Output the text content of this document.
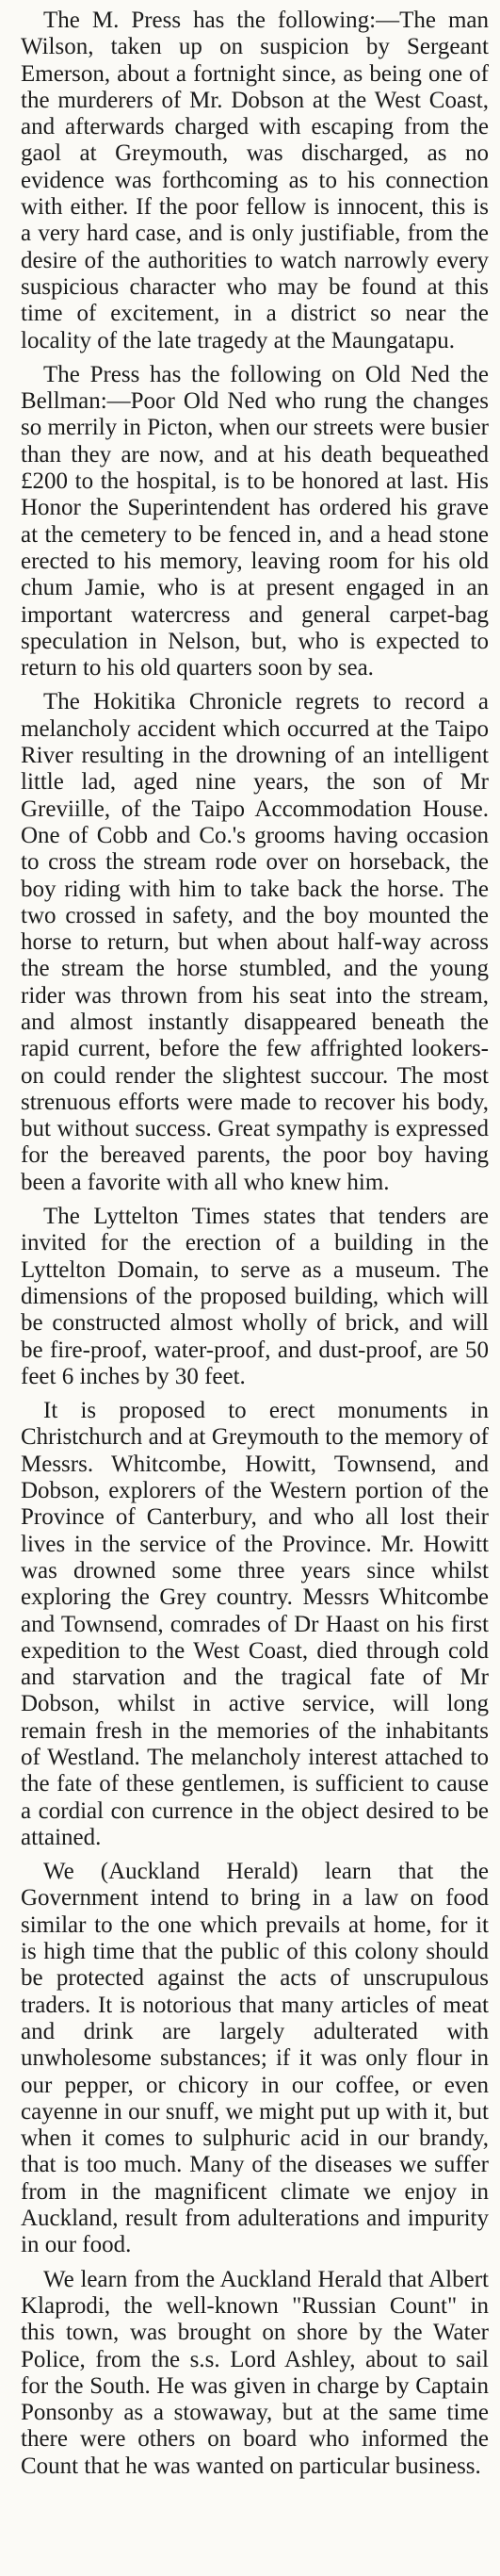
The M. Press has the following:—The man Wilson, taken up on suspicion by Sergeant Emerson, about a fortnight since, as being one of the murderers of Mr. Dobson at the West Coast, and afterwards charged with escaping from the gaol at Greymouth, was discharged, as no evidence was forthcoming as to his connection with either. If the poor fellow is innocent, this is a very hard case, and is only justifiable, from the desire of the authorities to watch narrowly every suspicious character who may be found at this time of excitement, in a district so near the locality of the late tragedy at the Maungatapu.

The Press has the following on Old Ned the Bellman:—Poor Old Ned who rung the changes so merrily in Picton, when our streets were busier than they are now, and at his death bequeathed £200 to the hospital, is to be honored at last. His Honor the Superintendent has ordered his grave at the cemetery to be fenced in, and a head stone erected to his memory, leaving room for his old chum Jamie, who is at present engaged in an important watercress and general carpet-bag speculation in Nelson, but, who is expected to return to his old quarters soon by sea.

The Hokitika Chronicle regrets to record a melancholy accident which occurred at the Taipo River resulting in the drowning of an intelligent little lad, aged nine years, the son of Mr Greviille, of the Taipo Accommodation House. One of Cobb and Co.'s grooms having occasion to cross the stream rode over on horseback, the boy riding with him to take back the horse. The two crossed in safety, and the boy mounted the horse to return, but when about half-way across the stream the horse stumbled, and the young rider was thrown from his seat into the stream, and almost instantly disappeared beneath the rapid current, before the few affrighted lookers-on could render the slightest succour. The most strenuous efforts were made to recover his body, but without success. Great sympathy is expressed for the bereaved parents, the poor boy having been a favorite with all who knew him.

The Lyttelton Times states that tenders are invited for the erection of a building in the Lyttelton Domain, to serve as a museum. The dimensions of the proposed building, which will be constructed almost wholly of brick, and will be fire-proof, water-proof, and dust-proof, are 50 feet 6 inches by 30 feet.

It is proposed to erect monuments in Christchurch and at Greymouth to the memory of Messrs. Whitcombe, Howitt, Townsend, and Dobson, explorers of the Western portion of the Province of Canterbury, and who all lost their lives in the service of the Province. Mr. Howitt was drowned some three years since whilst exploring the Grey country. Messrs Whitcombe and Townsend, comrades of Dr Haast on his first expedition to the West Coast, died through cold and starvation and the tragical fate of Mr Dobson, whilst in active service, will long remain fresh in the memories of the inhabitants of Westland. The melancholy interest attached to the fate of these gentlemen, is sufficient to cause a cordial con currence in the object desired to be attained.

We (Auckland Herald) learn that the Government intend to bring in a law on food similar to the one which prevails at home, for it is high time that the public of this colony should be protected against the acts of unscrupulous traders. It is notorious that many articles of meat and drink are largely adulterated with unwholesome substances; if it was only flour in our pepper, or chicory in our coffee, or even cayenne in our snuff, we might put up with it, but when it comes to sulphuric acid in our brandy, that is too much. Many of the diseases we suffer from in the magnificent climate we enjoy in Auckland, result from adulterations and impurity in our food.

We learn from the Auckland Herald that Albert Klaprodi, the well-known "Russian Count" in this town, was brought on shore by the Water Police, from the s.s. Lord Ashley, about to sail for the South. He was given in charge by Captain Ponsonby as a stowaway, but at the same time there were others on board who informed the Count that he was wanted on particular business.
